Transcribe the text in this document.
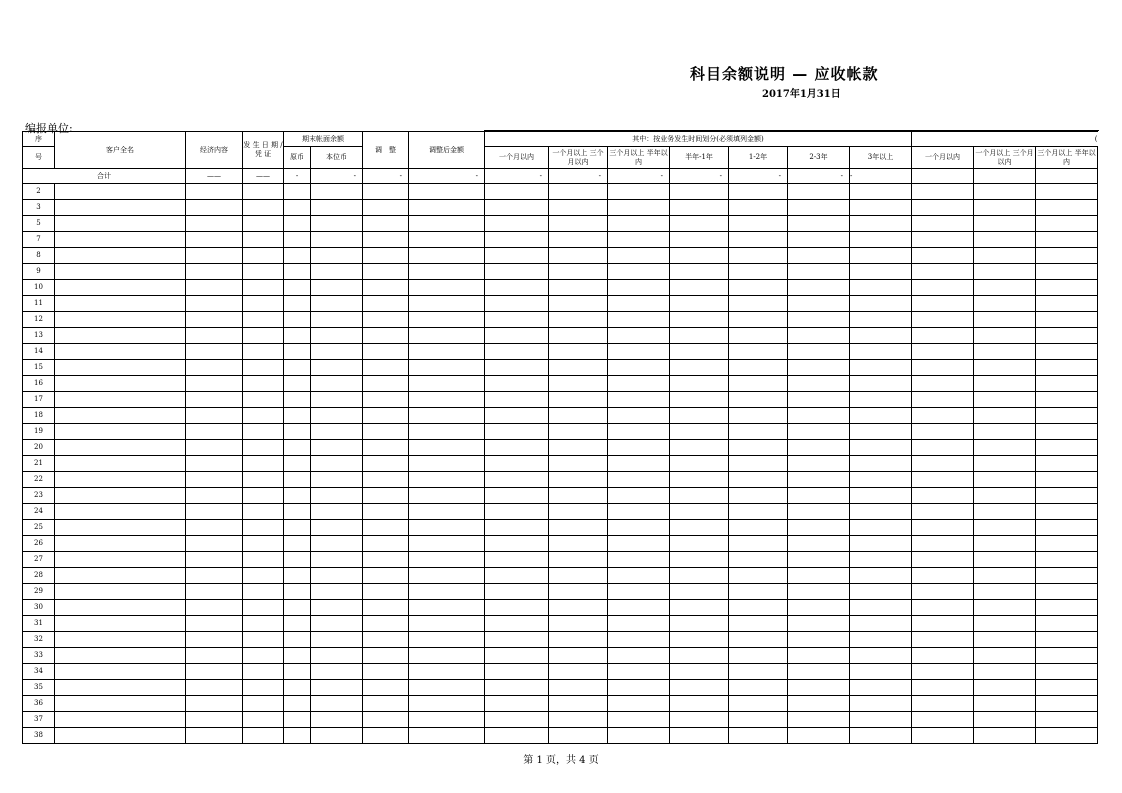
科目余额说明 — 应收帐款
2017年1月31日
编报单位:
序	客户全名	经济内容	发 生 日 期 /凭 证	期末帐面余额		调　整	调整后金额	其中：按业务发生时间划分(必须填列金额)							(		
号				原币	本位币			一个月以内	一个月以上 三个月以内	三个月以上 半年以内	半年-1年	1-2年	2-3年	3年以上	一个月以内	一个月以上 三个月以内	三个月以上 半年以内
合计		——	——	-	-	-	-	-	-	-	-	-	-	-			
2																	
3																	
5																	
7																	
8																	
9																	
10																	
11																	
12																	
13																	
14																	
15																	
16																	
17																	
18																	
19																	
20																	
21																	
22																	
23																	
24																	
25																	
26																	
27																	
28																	
29																	
30																	
31																	
32																	
33																	
34																	
35																	
36																	
37																	
38																	
第 1 页，共 4 页
